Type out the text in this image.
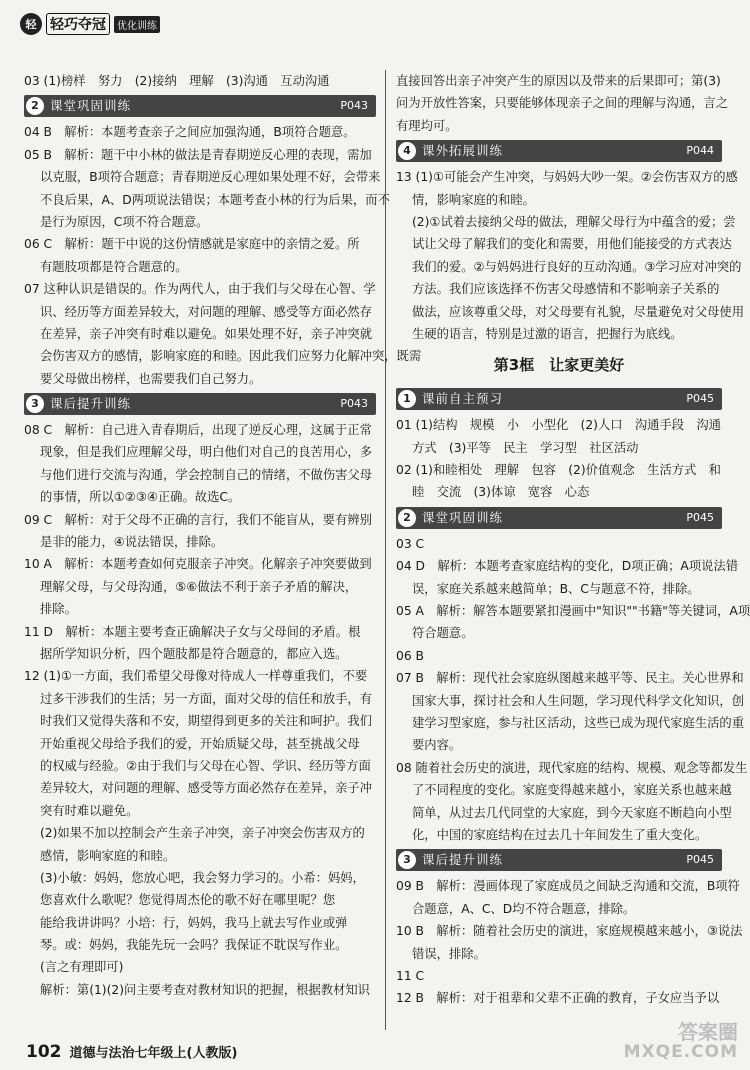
轻 轻巧夺冠	优化训练
03 (1)榜样　努力　(2)接纳　理解　(3)沟通　互动沟通
2 课堂巩固训练	P043
04 B　解析：本题考查亲子之间应加强沟通，B项符合题意。
05 B　解析：题干中小林的做法是青春期逆反心理的表现，需加
以克服，B项符合题意；青春期逆反心理如果处理不好，会带来
不良后果，A、D两项说法错误；本题考查小林的行为后果，而不
是行为原因，C项不符合题意。
06 C　解析：题干中说的这份情感就是家庭中的亲情之爱。所
有题肢项都是符合题意的。
07 这种认识是错误的。作为两代人，由于我们与父母在心智、学
识、经历等方面差异较大，对问题的理解、感受等方面必然存
在差异，亲子冲突有时难以避免。如果处理不好，亲子冲突就
会伤害双方的感情，影响家庭的和睦。因此我们应努力化解冲突，既需
要父母做出榜样，也需要我们自己努力。
3 课后提升训练	P043
08 C　解析：自己进入青春期后，出现了逆反心理，这属于正常
现象，但是我们应理解父母，明白他们对自己的良苦用心，多
与他们进行交流与沟通，学会控制自己的情绪，不做伤害父母
的事情，所以①②③④正确。故选C。
09 C　解析：对于父母不正确的言行，我们不能盲从，要有辨别
是非的能力，④说法错误，排除。
10 A　解析：本题考查如何克服亲子冲突。化解亲子冲突要做到
理解父母，与父母沟通，⑤⑥做法不利于亲子矛盾的解决，
排除。
11 D　解析：本题主要考查正确解决子女与父母间的矛盾。根
据所学知识分析，四个题肢都是符合题意的，都应入选。
12 (1)①一方面，我们希望父母像对待成人一样尊重我们，不要
过多干涉我们的生活；另一方面，面对父母的信任和放手，有
时我们又觉得失落和不安，期望得到更多的关注和呵护。我们
开始重视父母给予我们的爱，开始质疑父母，甚至挑战父母
的权威与经验。②由于我们与父母在心智、学识、经历等方面
差异较大，对问题的理解、感受等方面必然存在差异，亲子冲
突有时难以避免。
(2)如果不加以控制会产生亲子冲突，亲子冲突会伤害双方的
感情，影响家庭的和睦。
(3)小敏：妈妈，您放心吧，我会努力学习的。小希：妈妈，
您喜欢什么歌呢？您觉得周杰伦的歌不好在哪里呢？您
能给我讲讲吗？小培：行，妈妈，我马上就去写作业或弹
琴。或：妈妈，我能先玩一会吗？我保证不耽误写作业。
(言之有理即可)
解析：第(1)(2)问主要考查对教材知识的把握，根据教材知识
直接回答出亲子冲突产生的原因以及带来的后果即可；第(3)
问为开放性答案，只要能够体现亲子之间的理解与沟通，言之
有理均可。
4 课外拓展训练	P044
13 (1)①可能会产生冲突，与妈妈大吵一架。②会伤害双方的感
情，影响家庭的和睦。
(2)①试着去接纳父母的做法，理解父母行为中蕴含的爱；尝
试让父母了解我们的变化和需要，用他们能接受的方式表达
我们的爱。②与妈妈进行良好的互动沟通。③学习应对冲突的
方法。我们应该选择不伤害父母感情和不影响亲子关系的
做法，应该尊重父母，对父母要有礼貌，尽量避免对父母使用
生硬的语言，特别是过激的语言，把握行为底线。
第3框　让家更美好
1 课前自主预习	P045
01 (1)结构　规模　小　小型化　(2)人口　沟通手段　沟通
方式　(3)平等　民主　学习型　社区活动
02 (1)和睦相处　理解　包容　(2)价值观念　生活方式　和
睦　交流　(3)体谅　宽容　心态
2 课堂巩固训练	P045
03 C
04 D　解析：本题考查家庭结构的变化，D项正确；A项说法错
误，家庭关系越来越简单；B、C与题意不符，排除。
05 A　解析：解答本题要紧扣漫画中"知识""书籍"等关键词，A项
符合题意。
06 B
07 B　解析：现代社会家庭纵图越来越平等、民主。关心世界和
国家大事，探讨社会和人生问题，学习现代科学文化知识，创
建学习型家庭，参与社区活动，这些已成为现代家庭生活的重
要内容。
08 随着社会历史的演进，现代家庭的结构、规模、观念等都发生
了不同程度的变化。家庭变得越来越小，家庭关系也越来越
简单，从过去几代同堂的大家庭，到今天家庭不断趋向小型
化，中国的家庭结构在过去几十年间发生了重大变化。
3 课后提升训练	P045
09 B　解析：漫画体现了家庭成员之间缺乏沟通和交流，B项符
合题意，A、C、D均不符合题意，排除。
10 B　解析：随着社会历史的演进，家庭规模越来越小，③说法
错误，排除。
11 C
12 B　解析：对于祖辈和父辈不正确的教育，子女应当予以
102 道德与法治七年级上(人教版)
答案圈
MXQE.COM
